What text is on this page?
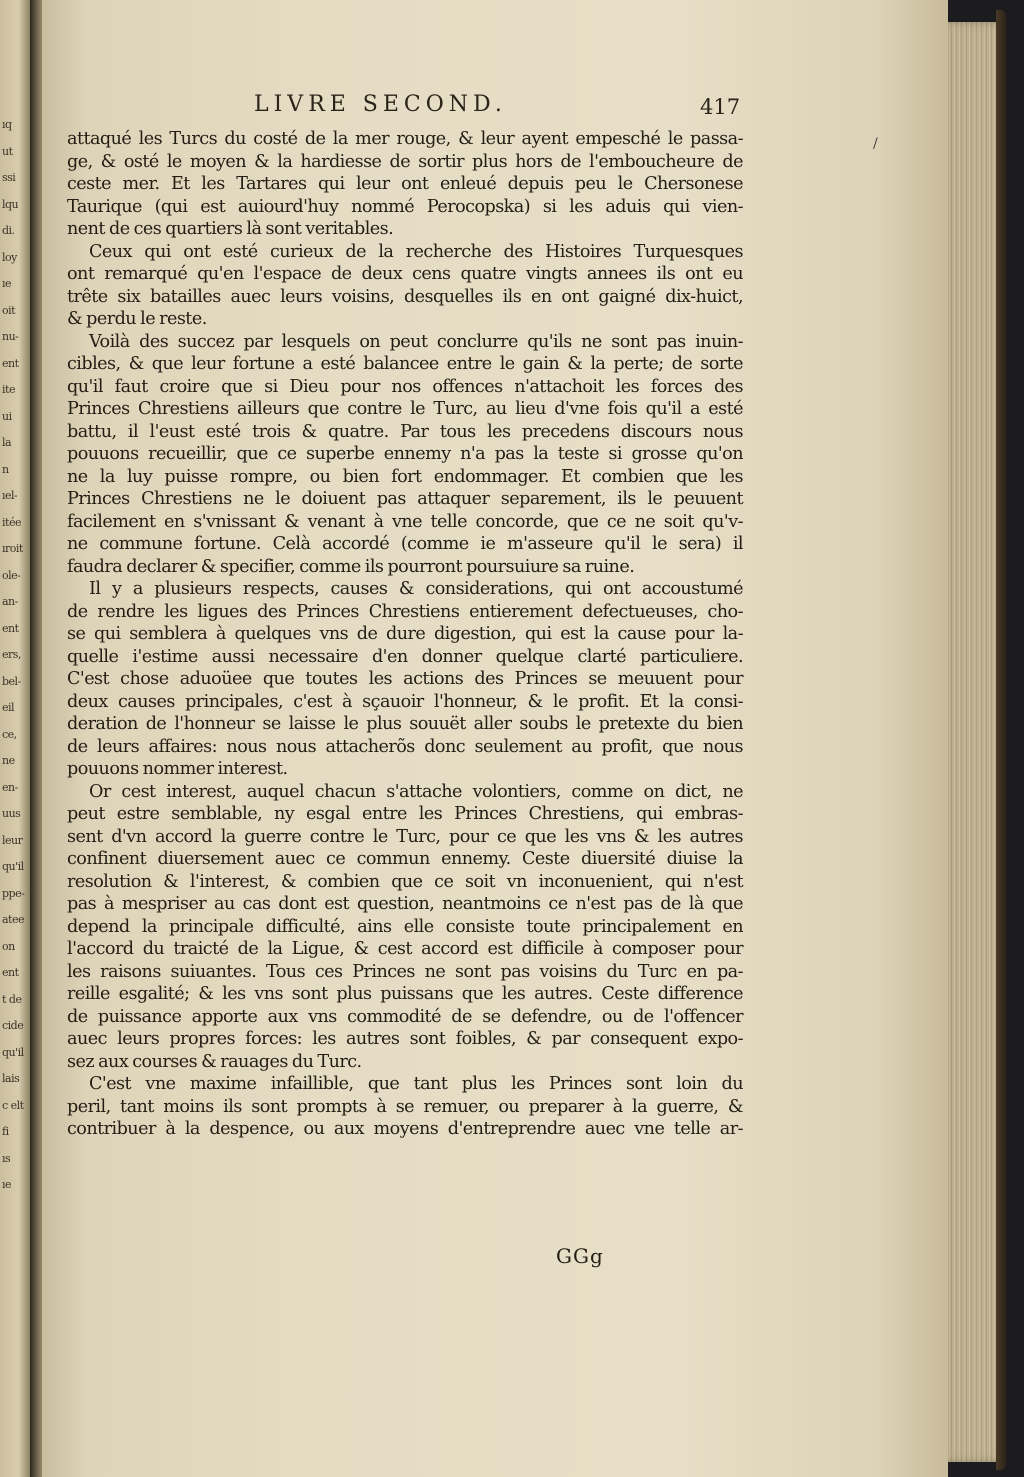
ıq
ut
ssi
lqu
di.
loy
ıe
oit
nu-
ent
ite
ui
la
n
ıel-
itée
ıroit
ole-
an-
ent
ers,
bel-
eil
ce,
ne
en-
uus
leur
qu'il
ppe-
atee
on
ent
t de
cide
qu'il
lais
c elt
fi
ıs
ıe
LIVRE SECOND.	417
/
attaqué les Turcs du costé de la mer rouge, & leur ayent empesché le passa-
ge, & osté le moyen & la hardiesse de sortir plus hors de l'emboucheure de
ceste mer. Et les Tartares qui leur ont enleué depuis peu le Chersonese
Taurique (qui est auiourd'huy nommé Perocopska) si les aduis qui vien-
nent de ces quartiers là sont veritables.
Ceux qui ont esté curieux de la recherche des Histoires Turquesques
ont remarqué qu'en l'espace de deux cens quatre vingts annees ils ont eu
trête six batailles auec leurs voisins, desquelles ils en ont gaigné dix-huict,
& perdu le reste.
Voilà des succez par lesquels on peut conclurre qu'ils ne sont pas inuin-
cibles, & que leur fortune a esté balancee entre le gain & la perte; de sorte
qu'il faut croire que si Dieu pour nos offences n'attachoit les forces des
Princes Chrestiens ailleurs que contre le Turc, au lieu d'vne fois qu'il a esté
battu, il l'eust esté trois & quatre. Par tous les precedens discours nous
pouuons recueillir, que ce superbe ennemy n'a pas la teste si grosse qu'on
ne la luy puisse rompre, ou bien fort endommager. Et combien que les
Princes Chrestiens ne le doiuent pas attaquer separement, ils le peuuent
facilement en s'vnissant & venant à vne telle concorde, que ce ne soit qu'v-
ne commune fortune. Celà accordé (comme ie m'asseure qu'il le sera) il
faudra declarer & specifier, comme ils pourront poursuiure sa ruine.
Il y a plusieurs respects, causes & considerations, qui ont accoustumé
de rendre les ligues des Princes Chrestiens entierement defectueuses, cho-
se qui semblera à quelques vns de dure digestion, qui est la cause pour la-
quelle i'estime aussi necessaire d'en donner quelque clarté particuliere.
C'est chose aduoüee que toutes les actions des Princes se meuuent pour
deux causes principales, c'est à sçauoir l'honneur, & le profit. Et la consi-
deration de l'honneur se laisse le plus souuët aller soubs le pretexte du bien
de leurs affaires: nous nous attacherõs donc seulement au profit, que nous
pouuons nommer interest.
Or cest interest, auquel chacun s'attache volontiers, comme on dict, ne
peut estre semblable, ny esgal entre les Princes Chrestiens, qui embras-
sent d'vn accord la guerre contre le Turc, pour ce que les vns & les autres
confinent diuersement auec ce commun ennemy. Ceste diuersité diuise la
resolution & l'interest, & combien que ce soit vn inconuenient, qui n'est
pas à mespriser au cas dont est question, neantmoins ce n'est pas de là que
depend la principale difficulté, ains elle consiste toute principalement en
l'accord du traicté de la Ligue, & cest accord est difficile à composer pour
les raisons suiuantes. Tous ces Princes ne sont pas voisins du Turc en pa-
reille esgalité; & les vns sont plus puissans que les autres. Ceste difference
de puissance apporte aux vns commodité de se defendre, ou de l'offencer
auec leurs propres forces: les autres sont foibles, & par consequent expo-
sez aux courses & rauages du Turc.
C'est vne maxime infaillible, que tant plus les Princes sont loin du
peril, tant moins ils sont prompts à se remuer, ou preparer à la guerre, &
contribuer à la despence, ou aux moyens d'entreprendre auec vne telle ar-
GGg
